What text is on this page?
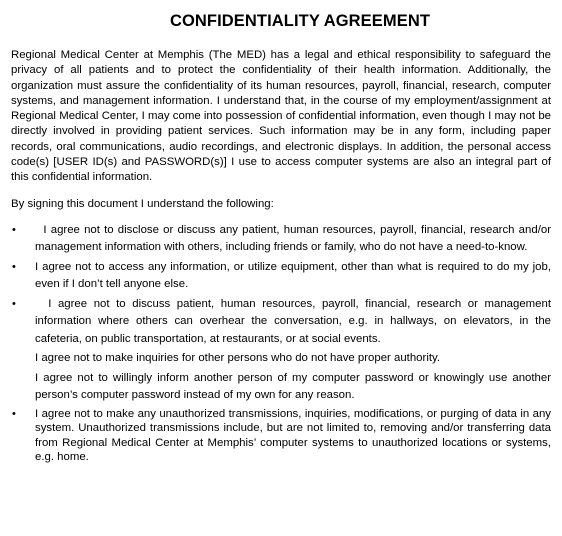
CONFIDENTIALITY AGREEMENT

Regional Medical Center at Memphis (The MED) has a legal and ethical responsibility to safeguard the privacy of all patients and to protect the confidentiality of their health information. Additionally, the organization must assure the confidentiality of its human resources, payroll, financial, research, computer systems, and management information. I understand that, in the course of my employment/assignment at Regional Medical Center, I may come into possession of confidential information, even though I may not be directly involved in providing patient services. Such information may be in any form, including paper records, oral communications, audio recordings, and electronic displays. In addition, the personal access code(s) [USER ID(s) and PASSWORD(s)] I use to access computer systems are also an integral part of this confidential information.

By signing this document I understand the following:

• I agree not to disclose or discuss any patient, human resources, payroll, financial, research and/or management information with others, including friends or family, who do not have a need-to-know.
• I agree not to access any information, or utilize equipment, other than what is required to do my job, even if I don’t tell anyone else.
• I agree not to discuss patient, human resources, payroll, financial, research or management information where others can overhear the conversation, e.g. in hallways, on elevators, in the cafeteria, on public transportation, at restaurants, or at social events.
I agree not to make inquiries for other persons who do not have proper authority.
I agree not to willingly inform another person of my computer password or knowingly use another person’s computer password instead of my own for any reason.
• I agree not to make any unauthorized transmissions, inquiries, modifications, or purging of data in any system. Unauthorized transmissions include, but are not limited to, removing and/or transferring data from Regional Medical Center at Memphis’ computer systems to unauthorized locations or systems, e.g. home.
